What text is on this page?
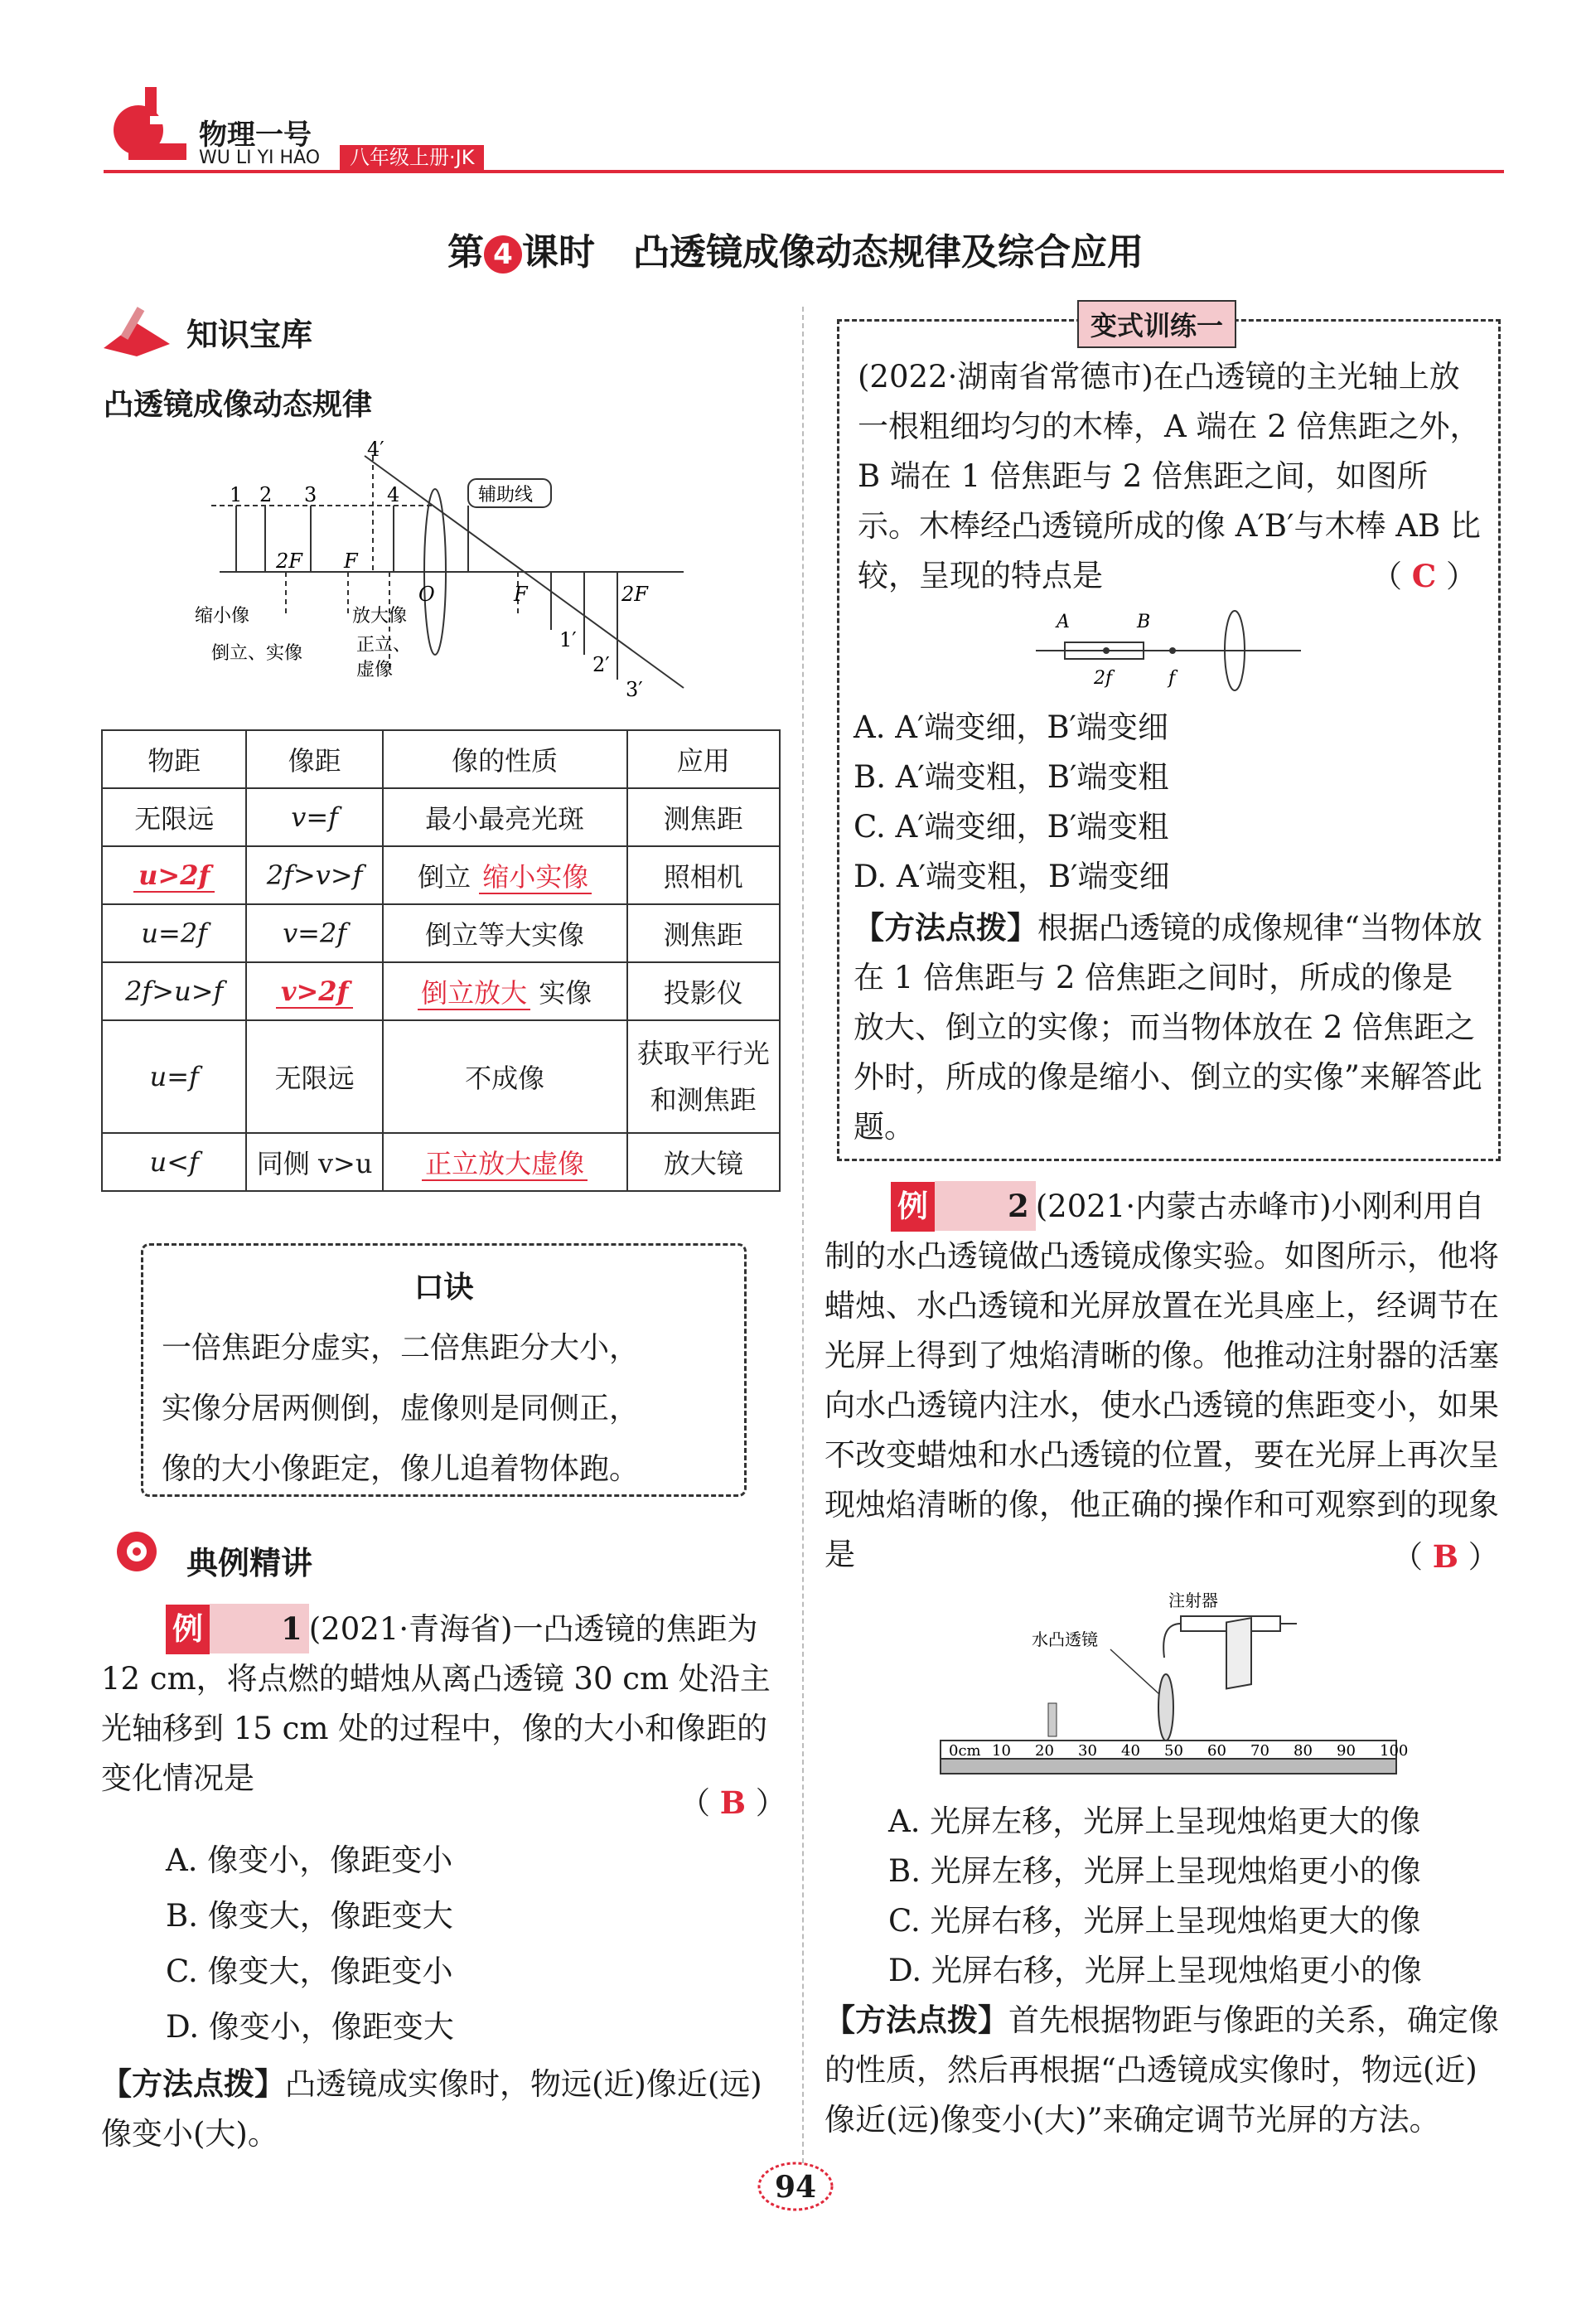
物理一号
WU LI YI HAO	八年级上册·JK
第 4 课时 凸透镜成像动态规律及综合应用
知识宝库
凸透镜成像动态规律
1 2 3	4
4′
2F F
O	F	2F
1′
2′
3′
辅助线
缩小像	放大像
倒立、实像	正立、
虚像
物距	像距	像的性质	应用
无限远	v=f	最小最亮光斑	测焦距
u>2f	2f>v>f	倒立 缩小实像	照相机
u=2f	v=2f	倒立等大实像	测焦距
2f>u>f	v>2f	倒立放大 实像	投影仪
u=f	无限远	不成像	获取平行光和测焦距
u<f	同侧 v>u	正立放大虚像	放大镜
口诀
一倍焦距分虚实，二倍焦距分大小，
实像分居两侧倒，虚像则是同侧正，
像的大小像距定，像儿追着物体跑。
典例精讲
例	1 (2021·青海省)一凸透镜的焦距为12 cm，将点燃的蜡烛从离凸透镜 30 cm 处沿主光轴移到 15 cm 处的过程中，像的大小和像距的变化情况是
（ B ）
A. 像变小，像距变小
B. 像变大，像距变大
C. 像变大，像距变小
D. 像变小，像距变大
【方法点拨】凸透镜成实像时，物远(近)像近(远)像变小(大)。
变式训练一
(2022·湖南省常德市)在凸透镜的主光轴上放一根粗细均匀的木棒，A 端在 2 倍焦距之外，B 端在 1 倍焦距与 2 倍焦距之间，如图所示。木棒经凸透镜所成的像 A′B′与木棒 AB 比较，呈现的特点是	（ C ）
A	B
2f	f
A. A′端变细，B′端变细
B. A′端变粗，B′端变粗
C. A′端变细，B′端变粗
D. A′端变粗，B′端变细
【方法点拨】根据凸透镜的成像规律“当物体放在 1 倍焦距与 2 倍焦距之间时，所成的像是放大、倒立的实像；而当物体放在 2 倍焦距之外时，所成的像是缩小、倒立的实像”来解答此题。
例	2 (2021·内蒙古赤峰市)小刚利用自制的水凸透镜做凸透镜成像实验。如图所示，他将蜡烛、水凸透镜和光屏放置在光具座上，经调节在光屏上得到了烛焰清晰的像。他推动注射器的活塞向水凸透镜内注水，使水凸透镜的焦距变小，如果不改变蜡烛和水凸透镜的位置，要在光屏上再次呈现烛焰清晰的像，他正确的操作和可观察到的现象是	（ B ）
注射器
水凸透镜
0cm 10 20 30 40 50 60 70 80 90 100
A. 光屏左移，光屏上呈现烛焰更大的像
B. 光屏左移，光屏上呈现烛焰更小的像
C. 光屏右移，光屏上呈现烛焰更大的像
D. 光屏右移，光屏上呈现烛焰更小的像
【方法点拨】首先根据物距与像距的关系，确定像的性质，然后再根据“凸透镜成实像时，物远(近)像近(远)像变小(大)”来确定调节光屏的方法。
94
